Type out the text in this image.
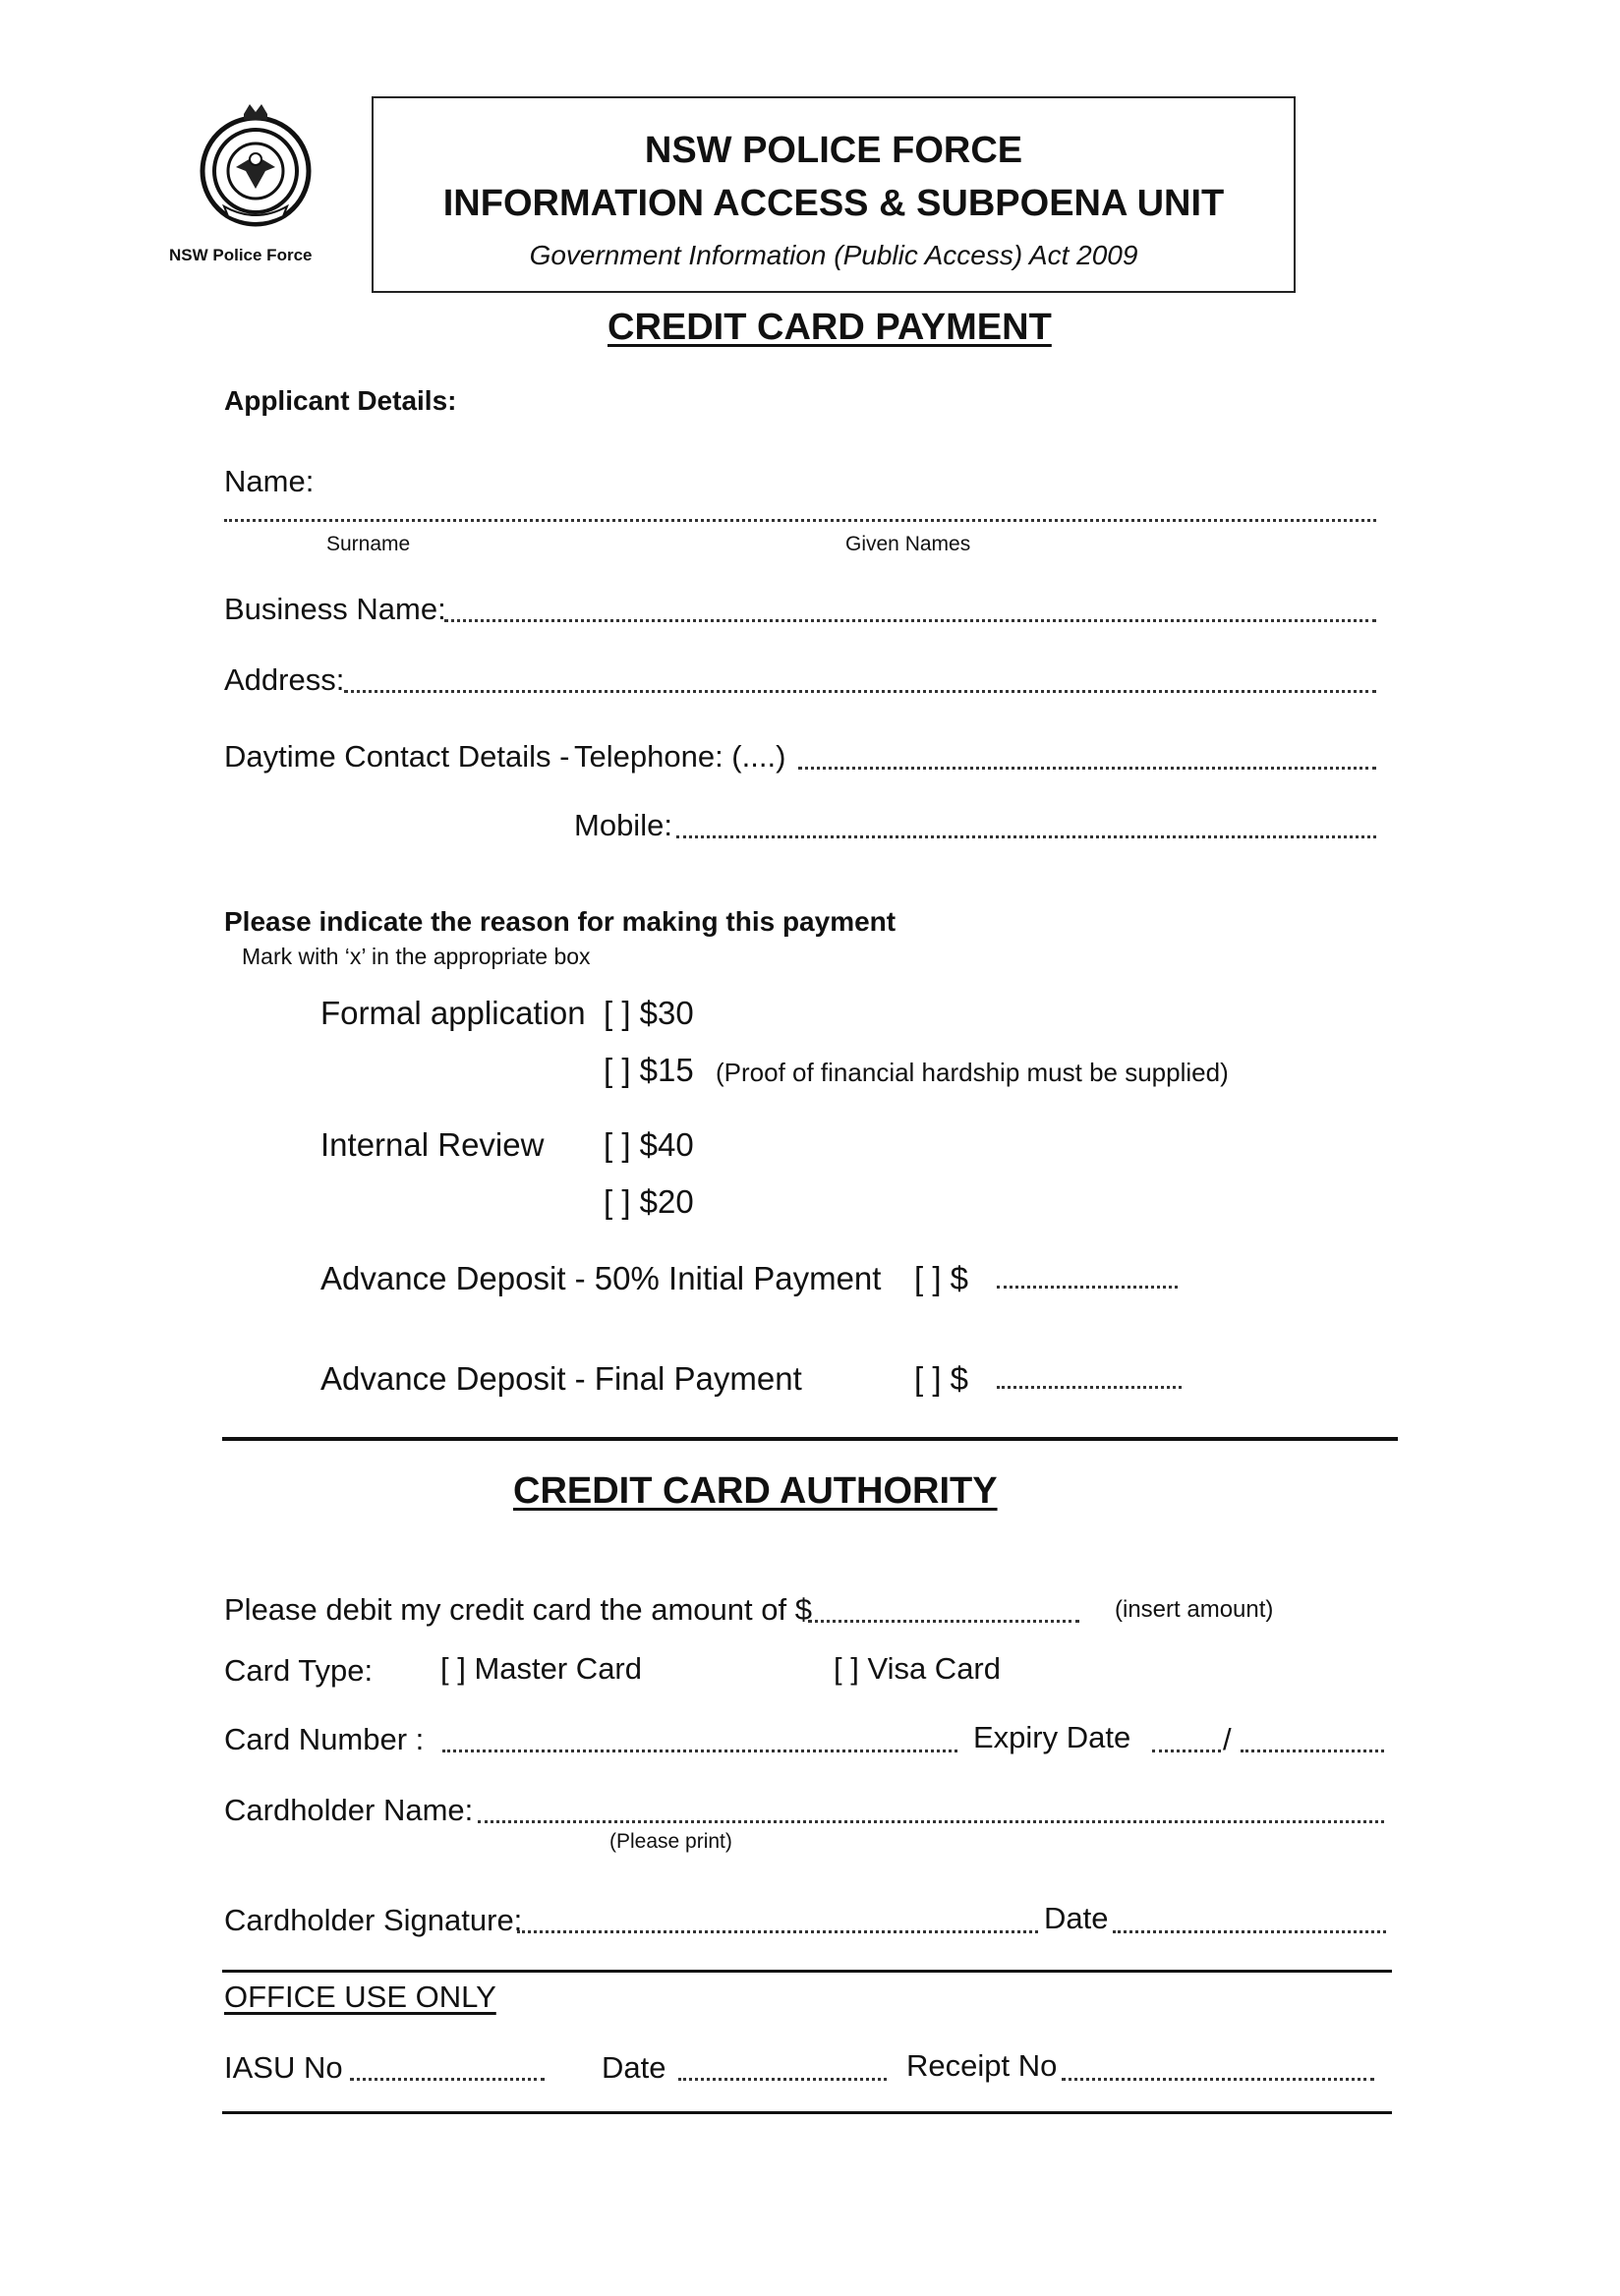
NSW Police Force
NSW POLICE FORCE
INFORMATION ACCESS & SUBPOENA UNIT
Government Information (Public Access) Act 2009
CREDIT CARD PAYMENT
Applicant Details:
Name:
Surname	Given Names
Business Name:
Address:
Daytime Contact Details - Telephone: (....)
Mobile:
Please indicate the reason for making this payment
Mark with ‘x’ in the appropriate box
Formal application [ ] $30
[ ] $15 (Proof of financial hardship must be supplied)
Internal Review [ ] $40
[ ] $20
Advance Deposit - 50% Initial Payment [ ] $
Advance Deposit - Final Payment	[ ] $
CREDIT CARD AUTHORITY
Please debit my credit card the amount of $	(insert amount)
Card Type: [ ] Master Card	[ ] Visa Card
Card Number :	Expiry Date	/
Cardholder Name:
(Please print)
Cardholder Signature:	Date
OFFICE USE ONLY
IASU No	Date	Receipt No
